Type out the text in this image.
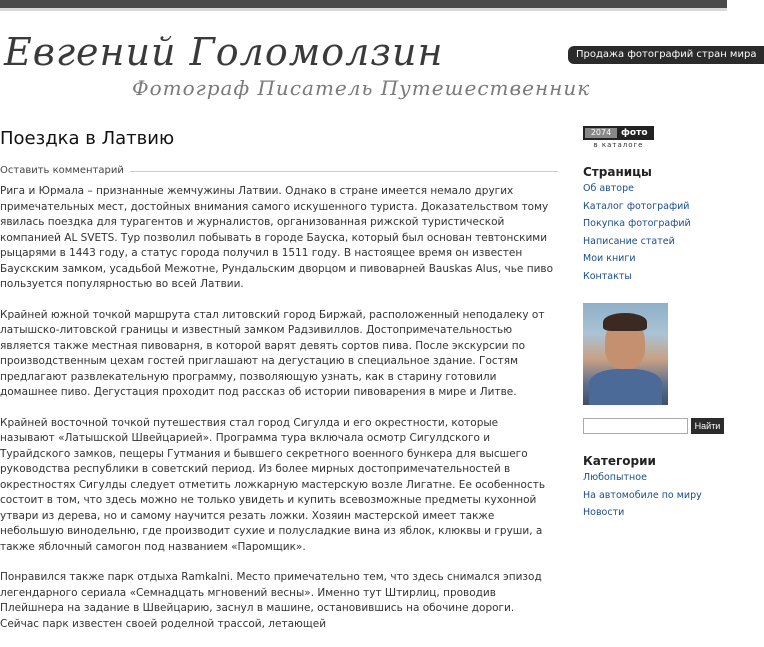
Евгений Голомолзин
Фотограф Писатель Путешественник
Продажа фотографий стран мира
Поездка в Латвию
Оставить комментарий

Рига и Юрмала – признанные жемчужины Латвии. Однако в стране имеется немало других примечательных мест, достойных внимания самого искушенного туриста. Доказательством тому явилась поездка для турагентов и журналистов, организованная рижской туристической компанией AL SVETS. Тур позволил побывать в городе Бауска, который был основан тевтонскими рыцарями в 1443 году, а статус города получил в 1511 году. В настоящее время он известен Баускским замком, усадьбой Межотне, Рундальским дворцом и пивоварней Bauskas Alus, чье пиво пользуется популярностью во всей Латвии.

Крайней южной точкой маршрута стал литовский город Биржай, расположенный неподалеку от латышско-литовской границы и известный замком Радзивиллов. Достопримечательностью является также местная пивоварня, в которой варят девять сортов пива. После экскурсии по производственным цехам гостей приглашают на дегустацию в специальное здание. Гостям предлагают развлекательную программу, позволяющую узнать, как в старину готовили домашнее пиво. Дегустация проходит под рассказ об истории пивоварения в мире и Литве.

Крайней восточной точкой путешествия стал город Сигулда и его окрестности, которые называют «Латышской Швейцарией». Программа тура включала осмотр Сигулдского и Турайдского замков, пещеры Гутмания и бывшего секретного военного бункера для высшего руководства республики в советский период. Из более мирных достопримечательностей в окрестностях Сигулды следует отметить ложкарную мастерскую возле Лигатне. Ее особенность состоит в том, что здесь можно не только увидеть и купить всевозможные предметы кухонной утвари из дерева, но и самому научится резать ложки. Хозяин мастерской имеет также небольшую винодельню, где производит сухие и полусладкие вина из яблок, клюквы и груши, а также яблочный самогон под названием «Паромщик».

Понравился также парк отдыха Ramkalni. Место примечательно тем, что здесь снимался эпизод легендарного сериала «Семнадцать мгновений весны». Именно тут Штирлиц, проводив Плейшнера на задание в Швейцарию, заснул в машине, остановившись на обочине дороги. Сейчас парк известен своей роделной трассой, летающей

2074	фото
в каталоге
Страницы
Об авторе
Каталог фотографий
Покупка фотографий
Написание статей
Мои книги
Контакты
Найти
Категории
Любопытное
На автомобиле по миру
Новости
